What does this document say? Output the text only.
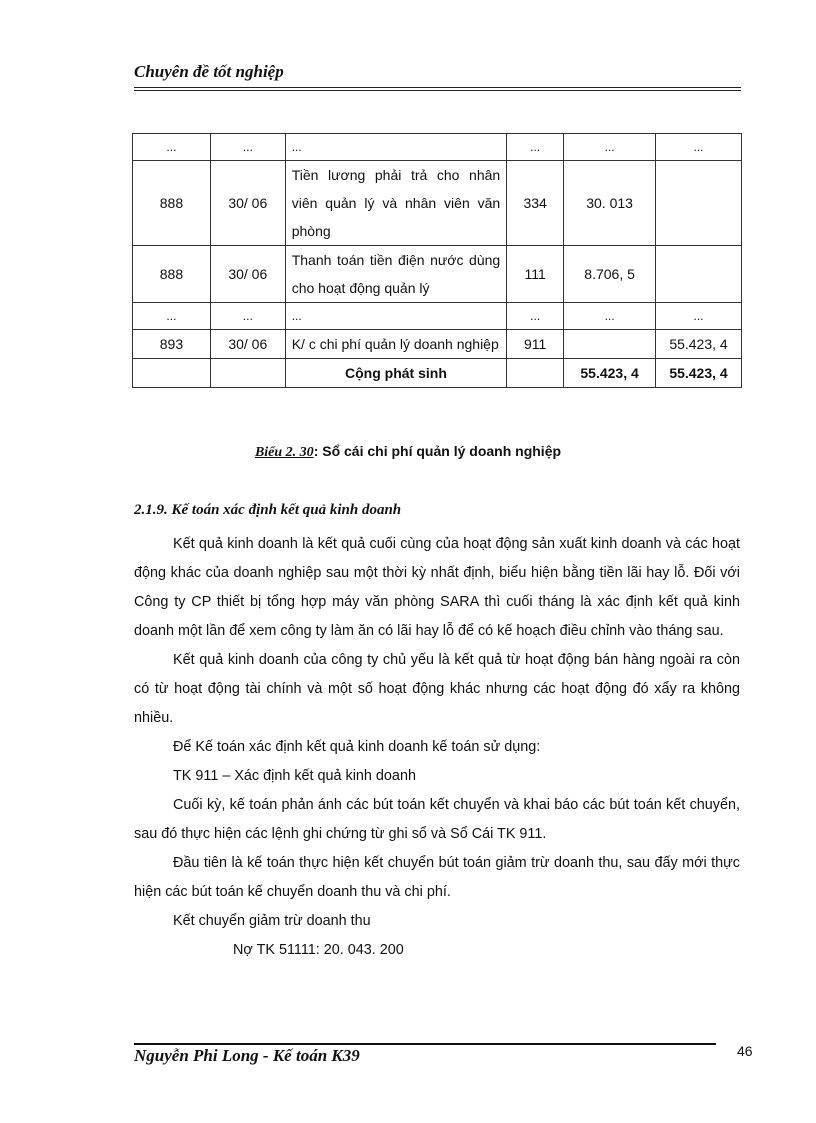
Chuyên đề tốt nghiệp
...	...	...	...	...	...
888	30/ 06	Tiền lương phải trả cho nhân viên quản lý và nhân viên văn phòng	334	30. 013	
888	30/ 06	Thanh toán tiền điện nước dùng cho hoạt động quản lý	111	8.706, 5	
...	...	...	...	...	...
893	30/ 06	K/ c chi phí quản lý doanh nghiệp	911		55.423, 4
		Cộng phát sinh		55.423, 4	55.423, 4
Biểu 2. 30: Sổ cái chi phí quản lý doanh nghiệp
2.1.9. Kế toán xác định kết quả kinh doanh

Kết quả kinh doanh là kết quả cuối cùng của hoạt động sản xuất kinh doanh và các hoạt động khác của doanh nghiệp sau một thời kỳ nhất định, biểu hiện bằng tiền lãi hay lỗ. Đối với Công ty CP thiết bị tổng hợp máy văn phòng SARA thì cuối tháng là xác định kết quả kinh doanh một lần để xem công ty làm ăn có lãi hay lỗ để có kế hoạch điều chỉnh vào tháng sau.

Kết quả kinh doanh của công ty chủ yếu là kết quả từ hoạt động bán hàng ngoài ra còn có từ hoạt động tài chính và một số hoạt động khác nhưng các hoạt động đó xẩy ra không nhiều.

Để Kế toán xác định kết quả kinh doanh kế toán sử dụng:

TK 911 – Xác định kết quả kinh doanh

Cuối kỳ, kế toán phản ánh các bút toán kết chuyển và khai báo các bút toán kết chuyển, sau đó thực hiện các lệnh ghi chứng từ ghi sổ và Sổ Cái TK 911.

Đầu tiên là kế toán thực hiện kết chuyển bút toán giảm trừ doanh thu, sau đấy mới thực hiện các bút toán kế chuyển doanh thu và chi phí.

Kết chuyển giảm trừ doanh thu

Nợ TK 51111: 20. 043. 200

Nguyễn Phi Long - Kế toán K39	46
